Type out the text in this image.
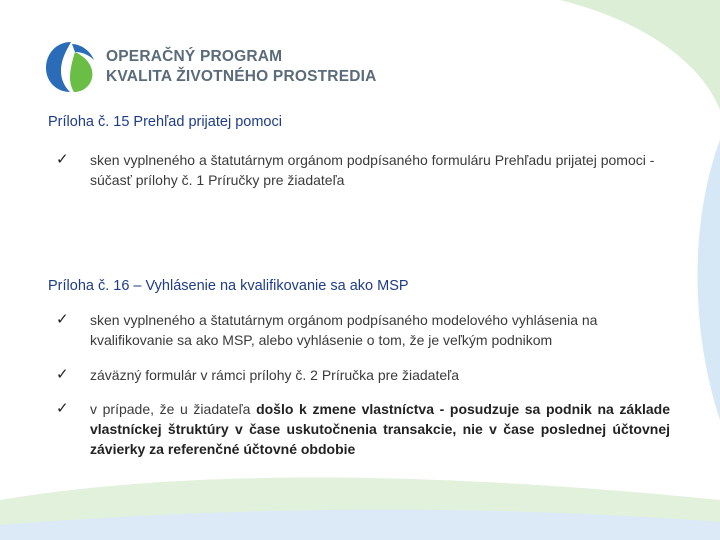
OPERAČNÝ PROGRAM
KVALITA ŽIVOTNÉHO PROSTREDIA

Príloha č. 15 Prehľad prijatej pomoci

✓ sken vyplneného a štatutárnym orgánom podpísaného formuláru Prehľadu prijatej pomoci - súčasť prílohy č. 1 Príručky pre žiadateľa

Príloha č. 16 – Vyhlásenie na kvalifikovanie sa ako MSP

✓ sken vyplneného a štatutárnym orgánom podpísaného modelového vyhlásenia na kvalifikovanie sa ako MSP, alebo vyhlásenie o tom, že je veľkým podnikom
✓ záväzný formulár v rámci prílohy č. 2 Príručka pre žiadateľa
✓ v prípade, že u žiadateľa došlo k zmene vlastníctva - posudzuje sa podnik na základe vlastníckej štruktúry v čase uskutočnenia transakcie, nie v čase poslednej účtovnej závierky za referenčné účtovné obdobie
